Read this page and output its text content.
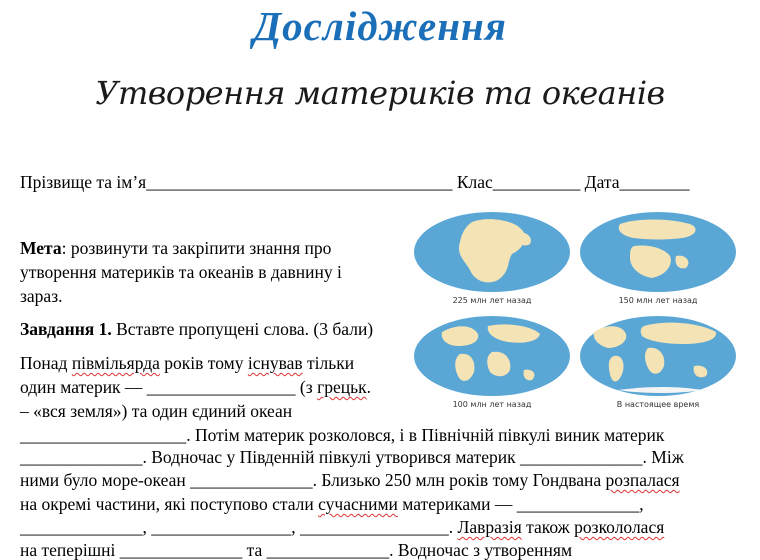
Дослідження
Утворення материків та океанів
Прізвище та ім’я___________________________________ Клас__________ Дата________
Мета: розвинути та закріпити знання про
утворення материків та океанів в давнину і
зараз.
Завдання 1. Вставте пропущені слова. (3 бали)
Понад півмільярда років тому існував тільки
один материк — _________________ (з грецьк.
– «вся земля») та один єдиний океан
___________________. Потім материк розколовся, і в Північній півкулі виник материк
______________. Водночас у Південній півкулі утворився материк ______________. Між
ними було море-океан ______________. Близько 250 млн років тому Гондвана розпалася
на окремі частини, які поступово стали сучасними материками — ______________,
______________, ________________, _________________. Лавразія також розкололася
на теперішні ______________ та ______________. Водночас з утворенням
225 млн лет назад	150 млн лет назад
100 млн лет назад	В настоящее время
